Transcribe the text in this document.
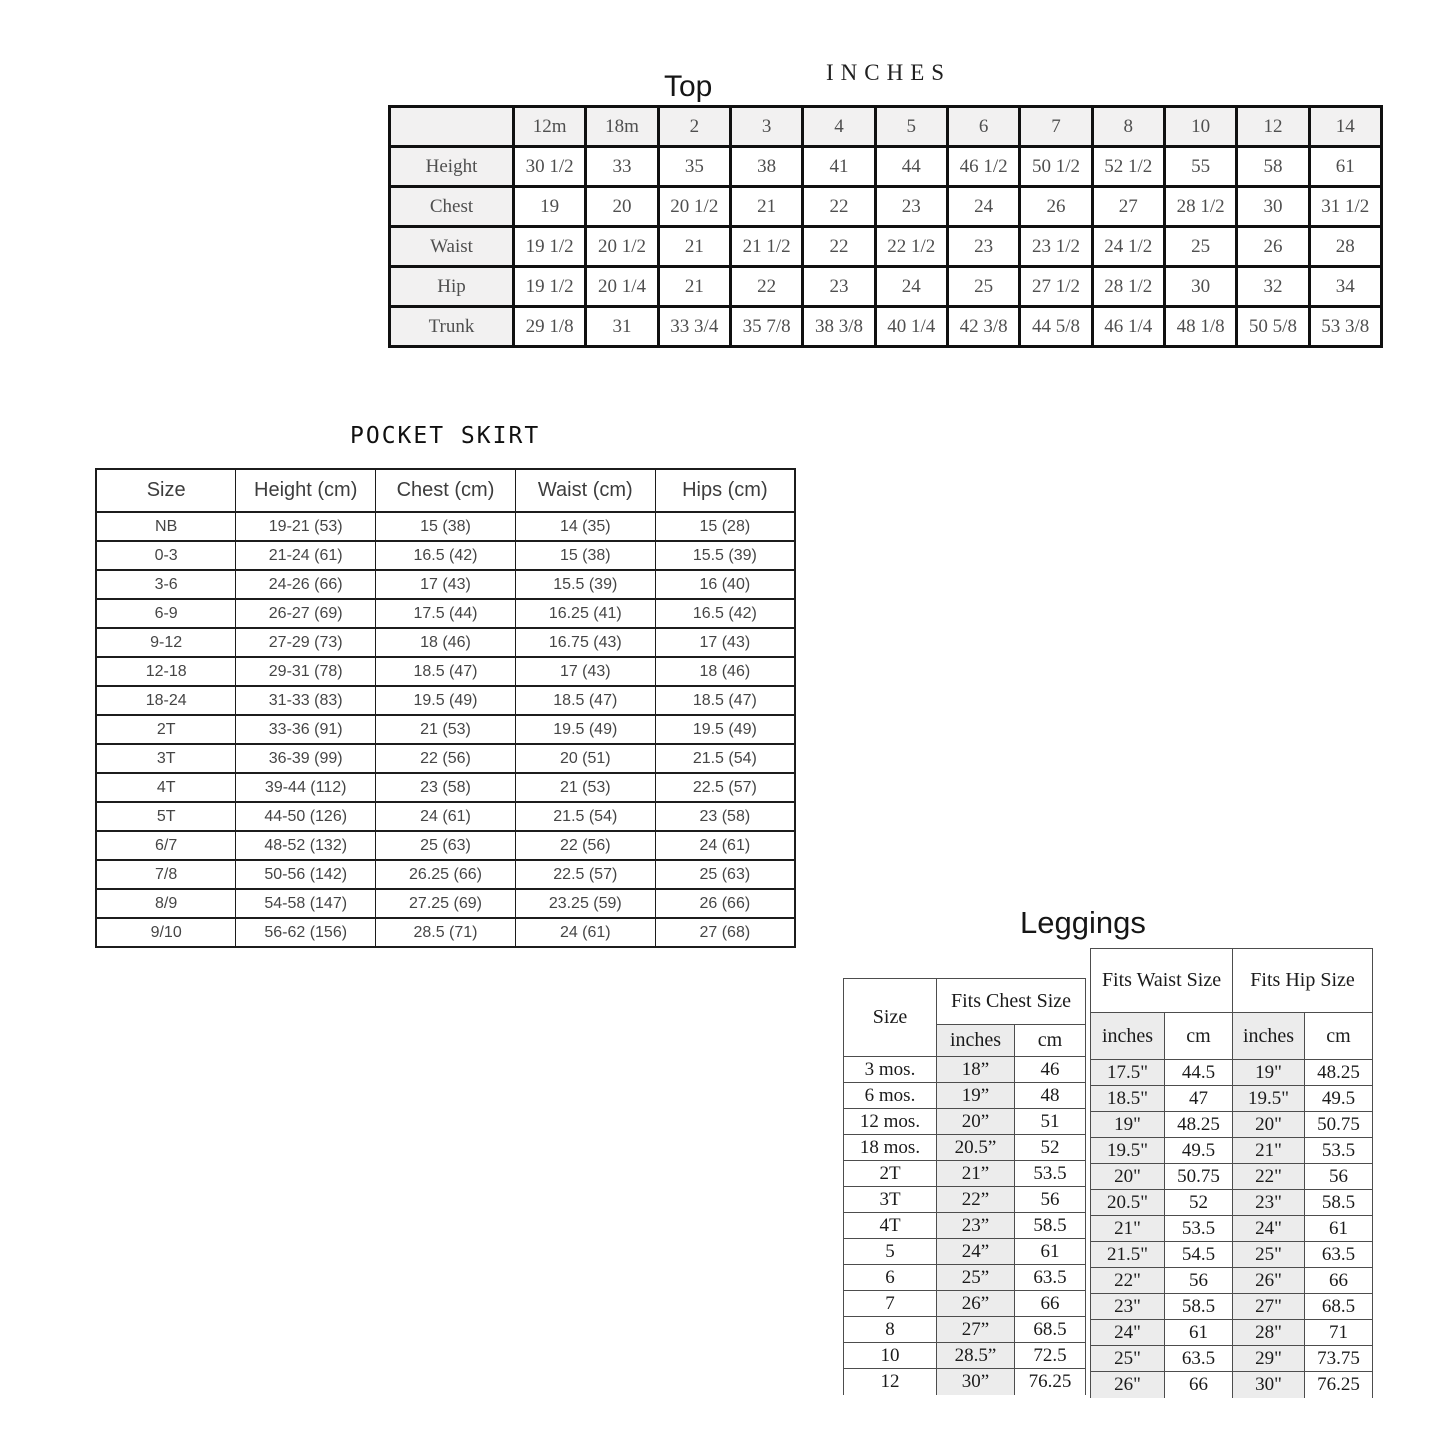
Top	INCHES
	12m	18m	2	3	4	5	6	7	8	10	12	14
Height	30 1/2	33	35	38	41	44	46 1/2	50 1/2	52 1/2	55	58	61
Chest	19	20	20 1/2	21	22	23	24	26	27	28 1/2	30	31 1/2
Waist	19 1/2	20 1/2	21	21 1/2	22	22 1/2	23	23 1/2	24 1/2	25	26	28
Hip	19 1/2	20 1/4	21	22	23	24	25	27 1/2	28 1/2	30	32	34
Trunk	29 1/8	31	33 3/4	35 7/8	38 3/8	40 1/4	42 3/8	44 5/8	46 1/4	48 1/8	50 5/8	53 3/8
POCKET SKIRT
Size	Height (cm)	Chest (cm)	Waist (cm)	Hips (cm)
NB	19-21 (53)	15 (38)	14 (35)	15 (28)
0-3	21-24 (61)	16.5 (42)	15 (38)	15.5 (39)
3-6	24-26 (66)	17 (43)	15.5 (39)	16 (40)
6-9	26-27 (69)	17.5 (44)	16.25 (41)	16.5 (42)
9-12	27-29 (73)	18 (46)	16.75 (43)	17 (43)
12-18	29-31 (78)	18.5 (47)	17 (43)	18 (46)
18-24	31-33 (83)	19.5 (49)	18.5 (47)	18.5 (47)
2T	33-36 (91)	21 (53)	19.5 (49)	19.5 (49)
3T	36-39 (99)	22 (56)	20 (51)	21.5 (54)
4T	39-44 (112)	23 (58)	21 (53)	22.5 (57)
5T	44-50 (126)	24 (61)	21.5 (54)	23 (58)
6/7	48-52 (132)	25 (63)	22 (56)	24 (61)
7/8	50-56 (142)	26.25 (66)	22.5 (57)	25 (63)
8/9	54-58 (147)	27.25 (69)	23.25 (59)	26 (66)
9/10	56-62 (156)	28.5 (71)	24 (61)	27 (68)	Leggings
Size	Fits Chest Size	
	inches	cm
3 mos.	18”	46
6 mos.	19”	48
12 mos.	20”	51
18 mos.	20.5”	52
2T	21”	53.5
3T	22”	56
4T	23”	58.5
5	24”	61
6	25”	63.5
7	26”	66
8	27”	68.5
10	28.5”	72.5
12	30”	76.25
Fits Waist Size		Fits Hip Size	
inches	cm	inches	cm
17.5"	44.5	19"	48.25
18.5"	47	19.5"	49.5
19"	48.25	20"	50.75
19.5"	49.5	21"	53.5
20"	50.75	22"	56
20.5"	52	23"	58.5
21"	53.5	24"	61
21.5"	54.5	25"	63.5
22"	56	26"	66
23"	58.5	27"	68.5
24"	61	28"	71
25"	63.5	29"	73.75
26"	66	30"	76.25
